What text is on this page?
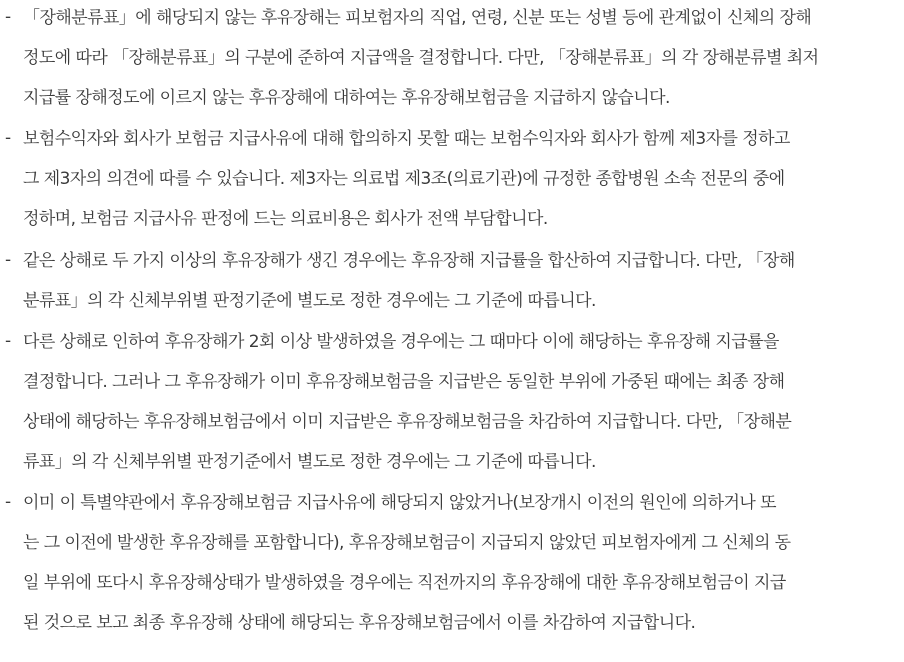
- 「장해분류표」에 해당되지 않는 후유장해는 피보험자의 직업, 연령, 신분 또는 성별 등에 관계없이 신체의 장해
정도에 따라 「장해분류표」의 구분에 준하여 지급액을 결정합니다. 다만, 「장해분류표」의 각 장해분류별 최저
지급률 장해정도에 이르지 않는 후유장해에 대하여는 후유장해보험금을 지급하지 않습니다.
- 보험수익자와 회사가 보험금 지급사유에 대해 합의하지 못할 때는 보험수익자와 회사가 함께 제3자를 정하고
그 제3자의 의견에 따를 수 있습니다. 제3자는 의료법 제3조(의료기관)에 규정한 종합병원 소속 전문의 중에
정하며, 보험금 지급사유 판정에 드는 의료비용은 회사가 전액 부담합니다.
- 같은 상해로 두 가지 이상의 후유장해가 생긴 경우에는 후유장해 지급률을 합산하여 지급합니다. 다만, 「장해
분류표」의 각 신체부위별 판정기준에 별도로 정한 경우에는 그 기준에 따릅니다.
- 다른 상해로 인하여 후유장해가 2회 이상 발생하였을 경우에는 그 때마다 이에 해당하는 후유장해 지급률을
결정합니다. 그러나 그 후유장해가 이미 후유장해보험금을 지급받은 동일한 부위에 가중된 때에는 최종 장해
상태에 해당하는 후유장해보험금에서 이미 지급받은 후유장해보험금을 차감하여 지급합니다. 다만, 「장해분
류표」의 각 신체부위별 판정기준에서 별도로 정한 경우에는 그 기준에 따릅니다.
- 이미 이 특별약관에서 후유장해보험금 지급사유에 해당되지 않았거나(보장개시 이전의 원인에 의하거나 또
는 그 이전에 발생한 후유장해를 포함합니다), 후유장해보험금이 지급되지 않았던 피보험자에게 그 신체의 동
일 부위에 또다시 후유장해상태가 발생하였을 경우에는 직전까지의 후유장해에 대한 후유장해보험금이 지급
된 것으로 보고 최종 후유장해 상태에 해당되는 후유장해보험금에서 이를 차감하여 지급합니다.
